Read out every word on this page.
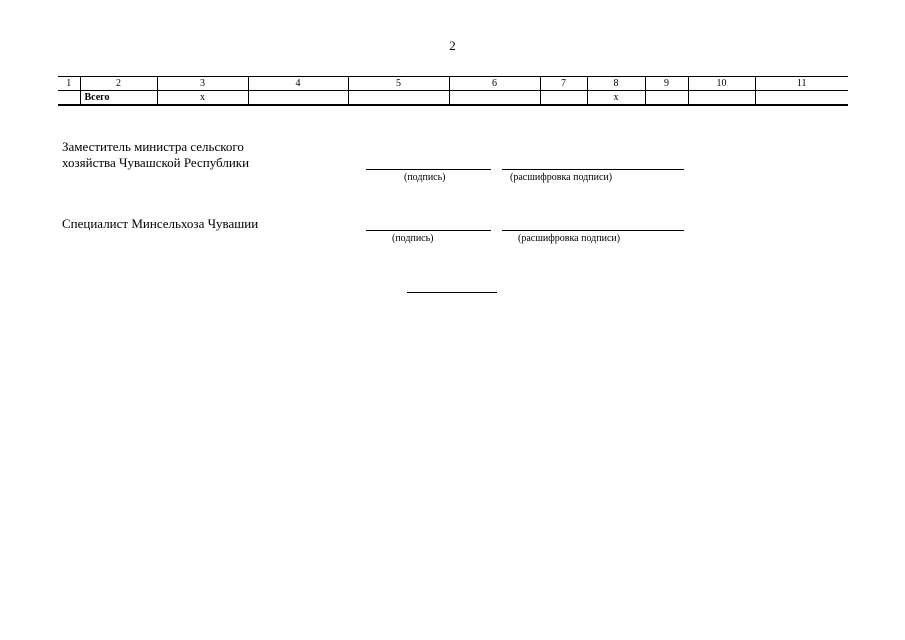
2
1	2	3	4	5	6	7	8	9	10	11
	Всего	х					х			
Заместитель министра сельского
хозяйства Чувашской Республики
(подпись)	(расшифровка подписи)
Специалист Минсельхоза Чувашии
(подпись)	(расшифровка подписи)
